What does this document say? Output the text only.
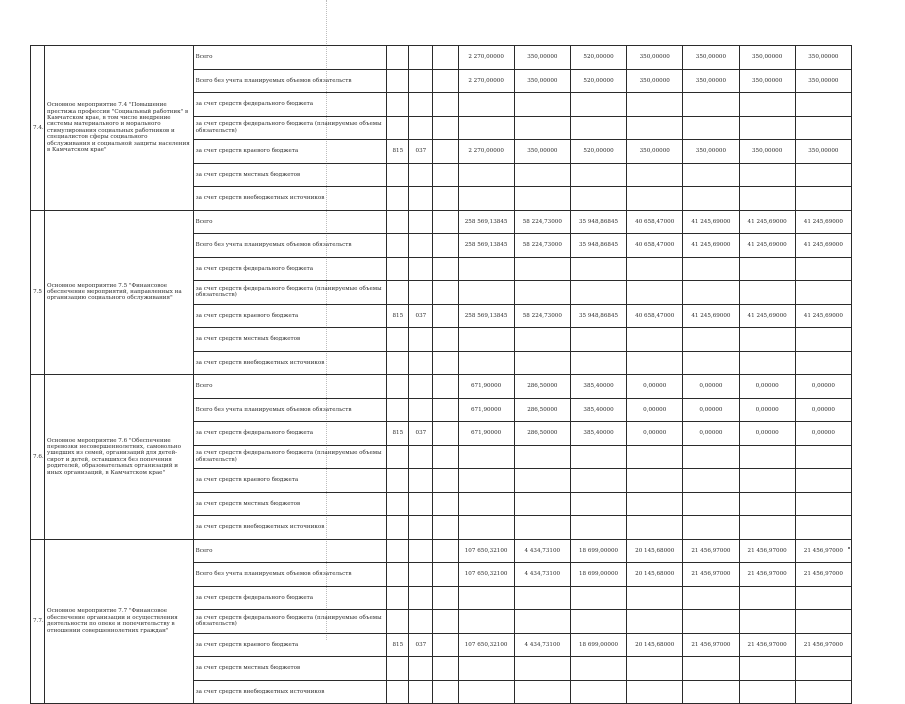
7.4.	Основное мероприятие 7.4 "Повышение престижа профессии "Социальный работник" в Камчатском крае, в том числе внедрение системы материального и морального стимулирования социальных работников и специалистов сферы социального обслуживания и социальной защиты населения в Камчатском крае"	Всего				2 270,00000	350,00000	520,00000	350,00000	350,00000	350,00000	350,00000
		Всего без учета планируемых объемов обязательств				2 270,00000	350,00000	520,00000	350,00000	350,00000	350,00000	350,00000
		за счет средств федерального бюджета										
		за счет средств федерального бюджета (планируемые объемы обязательств)										
		за счет средств краевого бюджета	815	037		2 270,00000	350,00000	520,00000	350,00000	350,00000	350,00000	350,00000
		за счет средств местных бюджетов										
		за счет средств внебюджетных источников										
7.5	Основное мероприятие 7.5 "Финансовое обеспечение мероприятий, направленных на организацию социального обслуживания"	Всего				258 569,13845	58 224,73000	35 948,86845	40 658,47000	41 245,69000	41 245,69000	41 245,69000
		Всего без учета планируемых объемов обязательств				258 569,13845	58 224,73000	35 948,86845	40 658,47000	41 245,69000	41 245,69000	41 245,69000
		за счет средств федерального бюджета										
		за счет средств федерального бюджета (планируемые объемы обязательств)										
		за счет средств краевого бюджета	815	037		258 569,13845	58 224,73000	35 948,86845	40 658,47000	41 245,69000	41 245,69000	41 245,69000
		за счет средств местных бюджетов										
		за счет средств внебюджетных источников										
7.6.	Основное мероприятие 7.6 "Обеспечение перевозки несовершеннолетних, самовольно ушедших из семей, организаций для детей-сирот и детей, оставшихся без попечения родителей, образовательных организаций и иных организаций, в Камчатском крае"	Всего				671,90000	286,50000	385,40000	0,00000	0,00000	0,00000	0,00000
		Всего без учета планируемых объемов обязательств				671,90000	286,50000	385,40000	0,00000	0,00000	0,00000	0,00000
		за счет средств федерального бюджета	815	037		671,90000	286,50000	385,40000	0,00000	0,00000	0,00000	0,00000
		за счет средств федерального бюджета (планируемые объемы обязательств)										
		за счет средств краевого бюджета										
		за счет средств местных бюджетов										
		за счет средств внебюджетных источников										
7.7.	Основное мероприятие 7.7 "Финансовое обеспечение организации и осуществления деятельности по опеке и попечительству в отношении совершеннолетних граждан"	Всего				107 650,32100	4 434,73100	18 699,00000	20 145,68000	21 456,97000	21 456,97000	21 456,97000
		Всего без учета планируемых объемов обязательств				107 650,32100	4 434,73100	18 699,00000	20 145,68000	21 456,97000	21 456,97000	21 456,97000
		за счет средств федерального бюджета										
		за счет средств федерального бюджета (планируемые объемы обязательств)										
		за счет средств краевого бюджета	815	037		107 650,32100	4 434,73100	18 699,00000	20 145,68000	21 456,97000	21 456,97000	21 456,97000
		за счет средств местных бюджетов										
		за счет средств внебюджетных источников										
